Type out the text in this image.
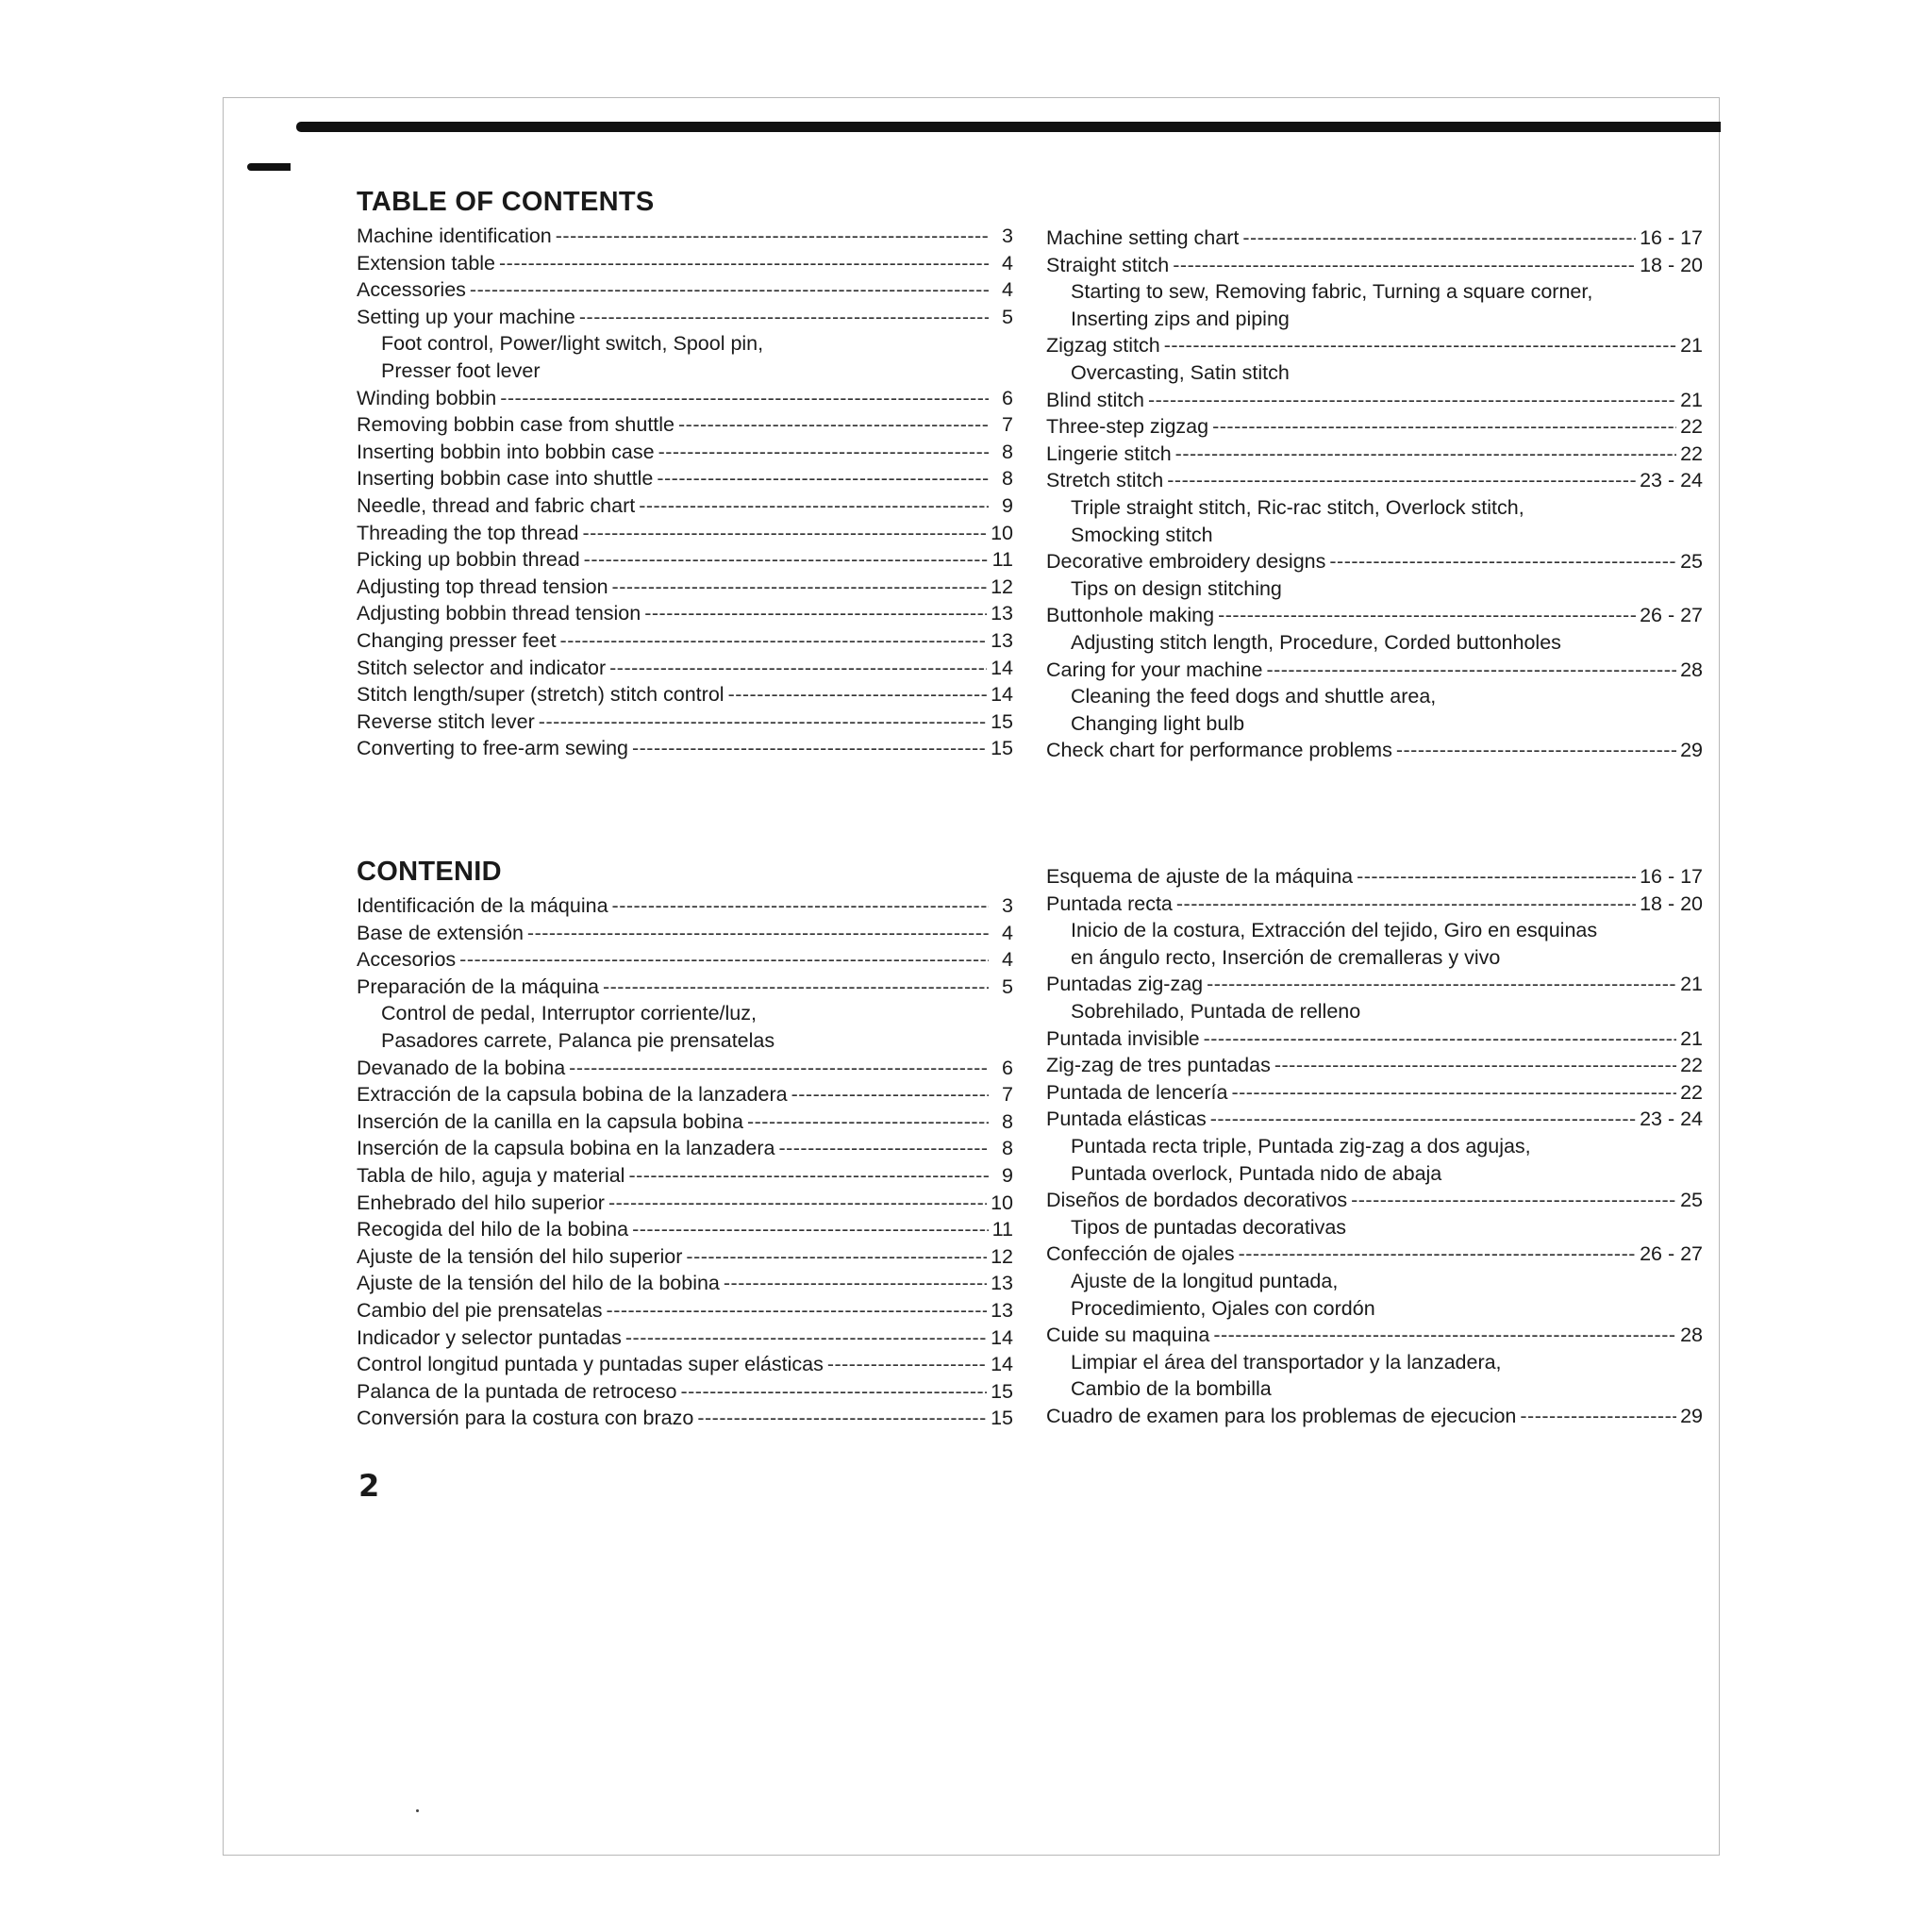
TABLE OF CONTENTS
Machine identification -----	3
Extension table -----	4
Accessories -----	4
Setting up your machine -----	5
Foot control, Power/light switch, Spool pin,
Presser foot lever
Winding bobbin -----	6
Removing bobbin case from shuttle -----	7
Inserting bobbin into bobbin case -----	8
Inserting bobbin case into shuttle -----	8
Needle, thread and fabric chart -----	9
Threading the top thread -----	10
Picking up bobbin thread -----	11
Adjusting top thread tension -----	12
Adjusting bobbin thread tension -----	13
Changing presser feet -----	13
Stitch selector and indicator -----	14
Stitch length/super (stretch) stitch control -----	14
Reverse stitch lever -----	15
Converting to free-arm sewing -----	15
Machine setting chart -----	16 - 17
Straight stitch -----	18 - 20
Starting to sew, Removing fabric, Turning a square corner,
Inserting zips and piping
Zigzag stitch -----	21
Overcasting, Satin stitch
Blind stitch -----	21
Three-step zigzag -----	22
Lingerie stitch -----	22
Stretch stitch -----	23 - 24
Triple straight stitch, Ric-rac stitch, Overlock stitch,
Smocking stitch
Decorative embroidery designs -----	25
Tips on design stitching
Buttonhole making -----	26 - 27
Adjusting stitch length, Procedure, Corded buttonholes
Caring for your machine -----	28
Cleaning the feed dogs and shuttle area,
Changing light bulb
Check chart for performance problems -----	29
CONTENID
Identificación de la máquina -----	3
Base de extensión -----	4
Accesorios -----	4
Preparación de la máquina -----	5
Control de pedal, Interruptor corriente/luz,
Pasadores carrete, Palanca pie prensatelas
Devanado de la bobina -----	6
Extracción de la capsula bobina de la lanzadera -----	7
Inserción de la canilla en la capsula bobina -----	8
Inserción de la capsula bobina en la lanzadera -----	8
Tabla de hilo, aguja y material -----	9
Enhebrado del hilo superior -----	10
Recogida del hilo de la bobina -----	11
Ajuste de la tensión del hilo superior -----	12
Ajuste de la tensión del hilo de la bobina -----	13
Cambio del pie prensatelas -----	13
Indicador y selector puntadas -----	14
Control longitud puntada y puntadas super elásticas -----	14
Palanca de la puntada de retroceso -----	15
Conversión para la costura con brazo -----	15
Esquema de ajuste de la máquina -----	16 - 17
Puntada recta -----	18 - 20
Inicio de la costura, Extracción del tejido, Giro en esquinas
en ángulo recto, Inserción de cremalleras y vivo
Puntadas zig-zag -----	21
Sobrehilado, Puntada de relleno
Puntada invisible -----	21
Zig-zag de tres puntadas -----	22
Puntada de lencería -----	22
Puntada elásticas -----	23 - 24
Puntada recta triple, Puntada zig-zag a dos agujas,
Puntada overlock, Puntada nido de abaja
Diseños de bordados decorativos -----	25
Tipos de puntadas decorativas
Confección de ojales -----	26 - 27
Ajuste de la longitud puntada,
Procedimiento, Ojales con cordón
Cuide su maquina -----	28
Limpiar el área del transportador y la lanzadera,
Cambio de la bombilla
Cuadro de examen para los problemas de ejecucion -----	29
2
